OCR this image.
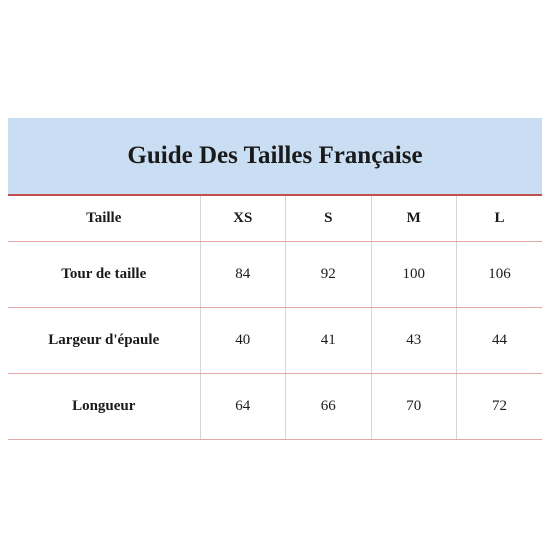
Guide Des Tailles Française				
Taille	XS	S	M	L
Tour de taille	84	92	100	106
Largeur d'épaule	40	41	43	44
Longueur	64	66	70	72
